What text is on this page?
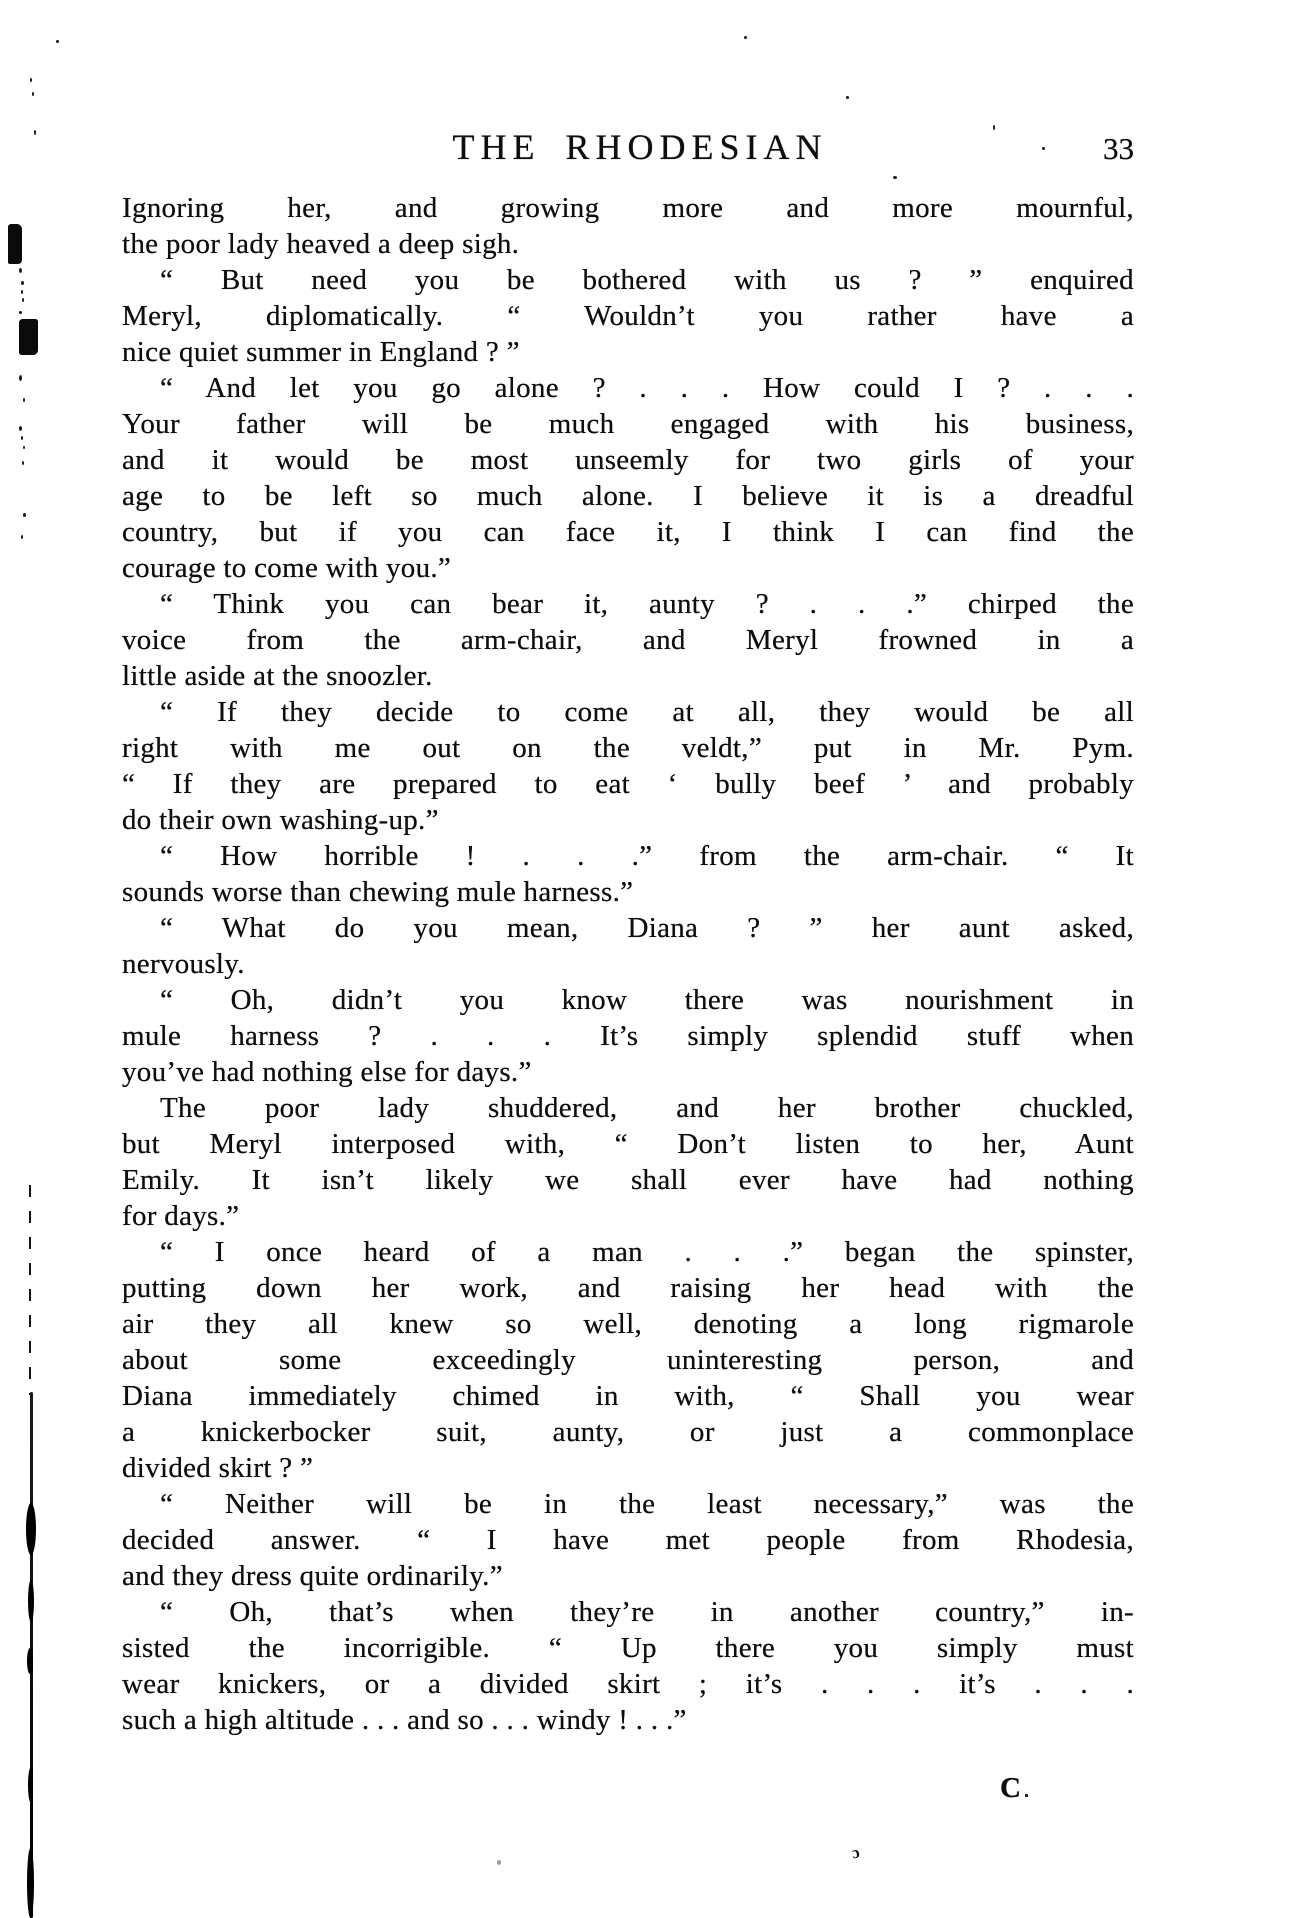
THE RHODESIAN	33
Ignoring her, and growing more and more mournful,
the poor lady heaved a deep sigh.
“ But need you be bothered with us ? ” enquired
Meryl, diplomatically. “ Wouldn’t you rather have a
nice quiet summer in England ? ”
“ And let you go alone ? . . . How could I ? . . .
Your father will be much engaged with his business,
and it would be most unseemly for two girls of your
age to be left so much alone. I believe it is a dreadful
country, but if you can face it, I think I can find the
courage to come with you.”
“ Think you can bear it, aunty ? . . .” chirped the
voice from the arm-chair, and Meryl frowned in a
little aside at the snoozler.
“ If they decide to come at all, they would be all
right with me out on the veldt,” put in Mr. Pym.
“ If they are prepared to eat ‘ bully beef ’ and probably
do their own washing-up.”
“ How horrible ! . . .” from the arm-chair. “ It
sounds worse than chewing mule harness.”
“ What do you mean, Diana ? ” her aunt asked,
nervously.
“ Oh, didn’t you know there was nourishment in
mule harness ? . . . It’s simply splendid stuff when
you’ve had nothing else for days.”
The poor lady shuddered, and her brother chuckled,
but Meryl interposed with, “ Don’t listen to her, Aunt
Emily. It isn’t likely we shall ever have had nothing
for days.”
“ I once heard of a man . . .” began the spinster,
putting down her work, and raising her head with the
air they all knew so well, denoting a long rigmarole
about some exceedingly uninteresting person, and
Diana immediately chimed in with, “ Shall you wear
a knickerbocker suit, aunty, or just a commonplace
divided skirt ? ”
“ Neither will be in the least necessary,” was the
decided answer. “ I have met people from Rhodesia,
and they dress quite ordinarily.”
“ Oh, that’s when they’re in another country,” in-
sisted the incorrigible. “ Up there you simply must
wear knickers, or a divided skirt ; it’s . . . it’s . . .
such a high altitude . . . and so . . . windy ! . . .”
C
ɔ
